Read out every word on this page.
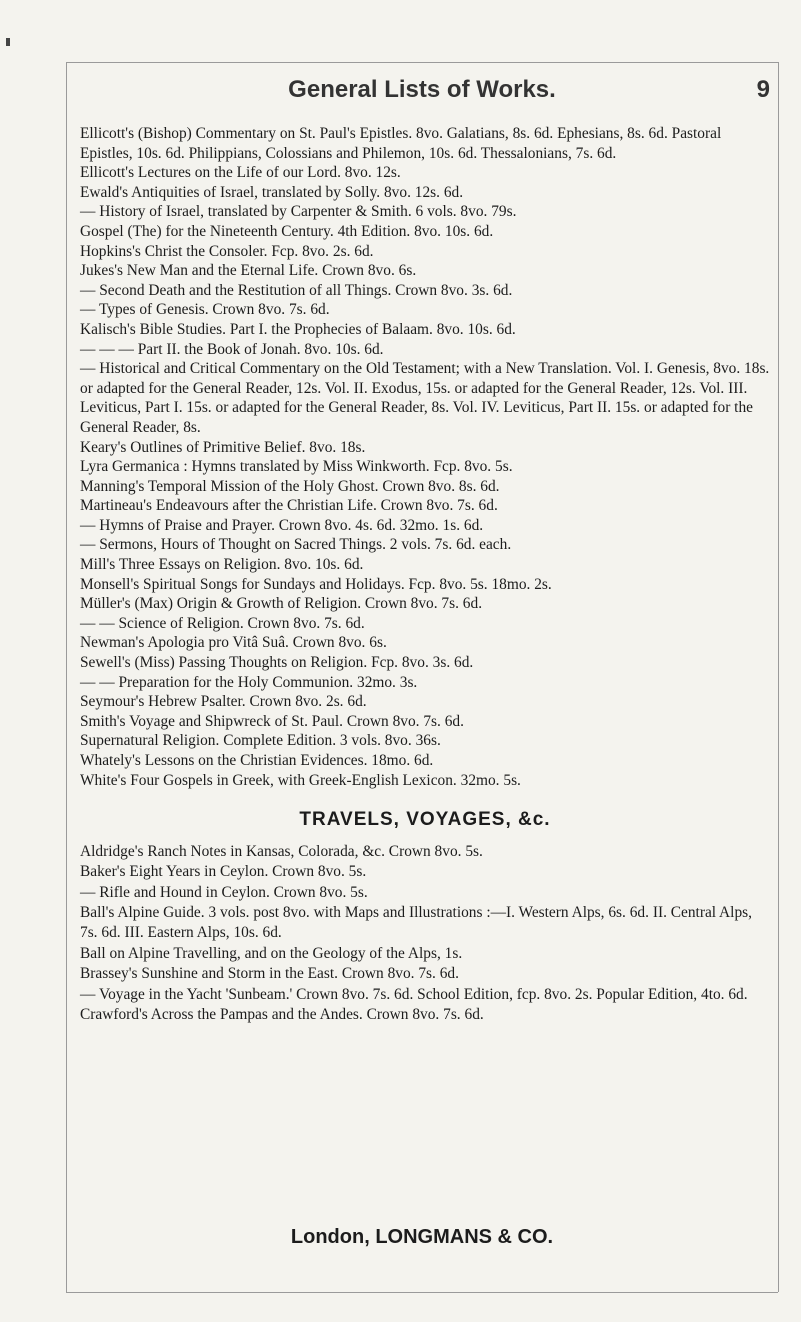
General Lists of Works.	9

Ellicott's (Bishop) Commentary on St. Paul's Epistles. 8vo. Galatians, 8s. 6d. Ephesians, 8s. 6d. Pastoral Epistles, 10s. 6d. Philippians, Colossians and Philemon, 10s. 6d. Thessalonians, 7s. 6d.

Ellicott's Lectures on the Life of our Lord. 8vo. 12s.

Ewald's Antiquities of Israel, translated by Solly. 8vo. 12s. 6d.

— History of Israel, translated by Carpenter & Smith. 6 vols. 8vo. 79s.

Gospel (The) for the Nineteenth Century. 4th Edition. 8vo. 10s. 6d.

Hopkins's Christ the Consoler. Fcp. 8vo. 2s. 6d.

Jukes's New Man and the Eternal Life. Crown 8vo. 6s.

— Second Death and the Restitution of all Things. Crown 8vo. 3s. 6d.

— Types of Genesis. Crown 8vo. 7s. 6d.

Kalisch's Bible Studies. Part I. the Prophecies of Balaam. 8vo. 10s. 6d.

— — — Part II. the Book of Jonah. 8vo. 10s. 6d.

— Historical and Critical Commentary on the Old Testament; with a New Translation. Vol. I. Genesis, 8vo. 18s. or adapted for the General Reader, 12s. Vol. II. Exodus, 15s. or adapted for the General Reader, 12s. Vol. III. Leviticus, Part I. 15s. or adapted for the General Reader, 8s. Vol. IV. Leviticus, Part II. 15s. or adapted for the General Reader, 8s.

Keary's Outlines of Primitive Belief. 8vo. 18s.

Lyra Germanica : Hymns translated by Miss Winkworth. Fcp. 8vo. 5s.

Manning's Temporal Mission of the Holy Ghost. Crown 8vo. 8s. 6d.

Martineau's Endeavours after the Christian Life. Crown 8vo. 7s. 6d.

— Hymns of Praise and Prayer. Crown 8vo. 4s. 6d. 32mo. 1s. 6d.

— Sermons, Hours of Thought on Sacred Things. 2 vols. 7s. 6d. each.

Mill's Three Essays on Religion. 8vo. 10s. 6d.

Monsell's Spiritual Songs for Sundays and Holidays. Fcp. 8vo. 5s. 18mo. 2s.

Müller's (Max) Origin & Growth of Religion. Crown 8vo. 7s. 6d.

— — Science of Religion. Crown 8vo. 7s. 6d.

Newman's Apologia pro Vitâ Suâ. Crown 8vo. 6s.

Sewell's (Miss) Passing Thoughts on Religion. Fcp. 8vo. 3s. 6d.

— — Preparation for the Holy Communion. 32mo. 3s.

Seymour's Hebrew Psalter. Crown 8vo. 2s. 6d.

Smith's Voyage and Shipwreck of St. Paul. Crown 8vo. 7s. 6d.

Supernatural Religion. Complete Edition. 3 vols. 8vo. 36s.

Whately's Lessons on the Christian Evidences. 18mo. 6d.

White's Four Gospels in Greek, with Greek-English Lexicon. 32mo. 5s.

TRAVELS, VOYAGES, &c.

Aldridge's Ranch Notes in Kansas, Colorada, &c. Crown 8vo. 5s.

Baker's Eight Years in Ceylon. Crown 8vo. 5s.

— Rifle and Hound in Ceylon. Crown 8vo. 5s.

Ball's Alpine Guide. 3 vols. post 8vo. with Maps and Illustrations :—I. Western Alps, 6s. 6d. II. Central Alps, 7s. 6d. III. Eastern Alps, 10s. 6d.

Ball on Alpine Travelling, and on the Geology of the Alps, 1s.

Brassey's Sunshine and Storm in the East. Crown 8vo. 7s. 6d.

— Voyage in the Yacht 'Sunbeam.' Crown 8vo. 7s. 6d. School Edition, fcp. 8vo. 2s. Popular Edition, 4to. 6d.

Crawford's Across the Pampas and the Andes. Crown 8vo. 7s. 6d.

London, LONGMANS & CO.
